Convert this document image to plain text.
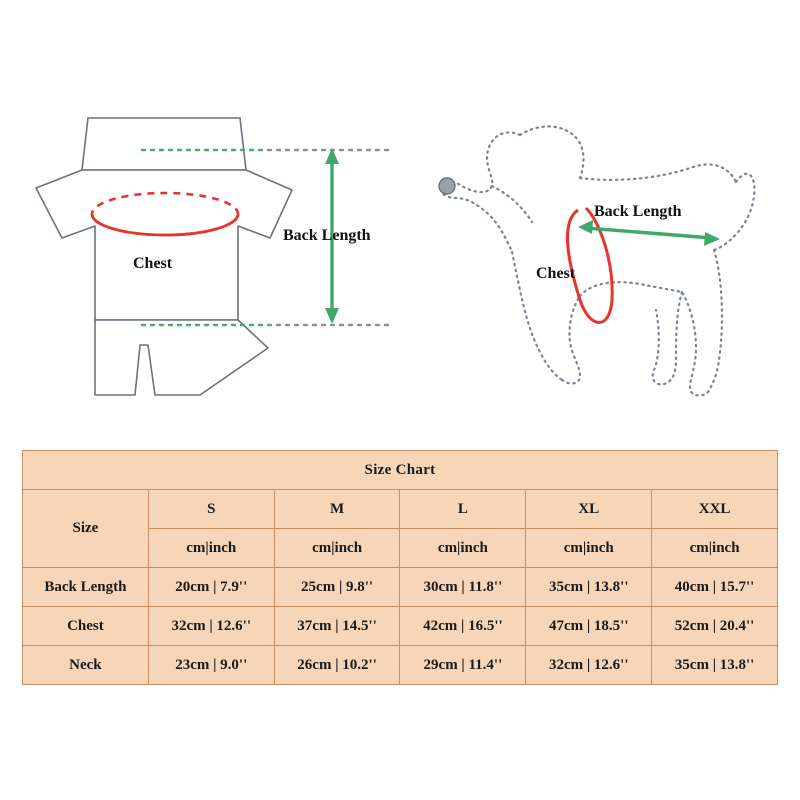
Chest
Back Length
Back Length
Chest
Size Chart					
Size	S	M	L	XL	XXL
	cm|inch	cm|inch	cm|inch	cm|inch	cm|inch
Back Length	20cm | 7.9''	25cm | 9.8''	30cm | 11.8''	35cm | 13.8''	40cm | 15.7''
Chest	32cm | 12.6''	37cm | 14.5''	42cm | 16.5''	47cm | 18.5''	52cm | 20.4''
Neck	23cm | 9.0''	26cm | 10.2''	29cm | 11.4''	32cm | 12.6''	35cm | 13.8''
